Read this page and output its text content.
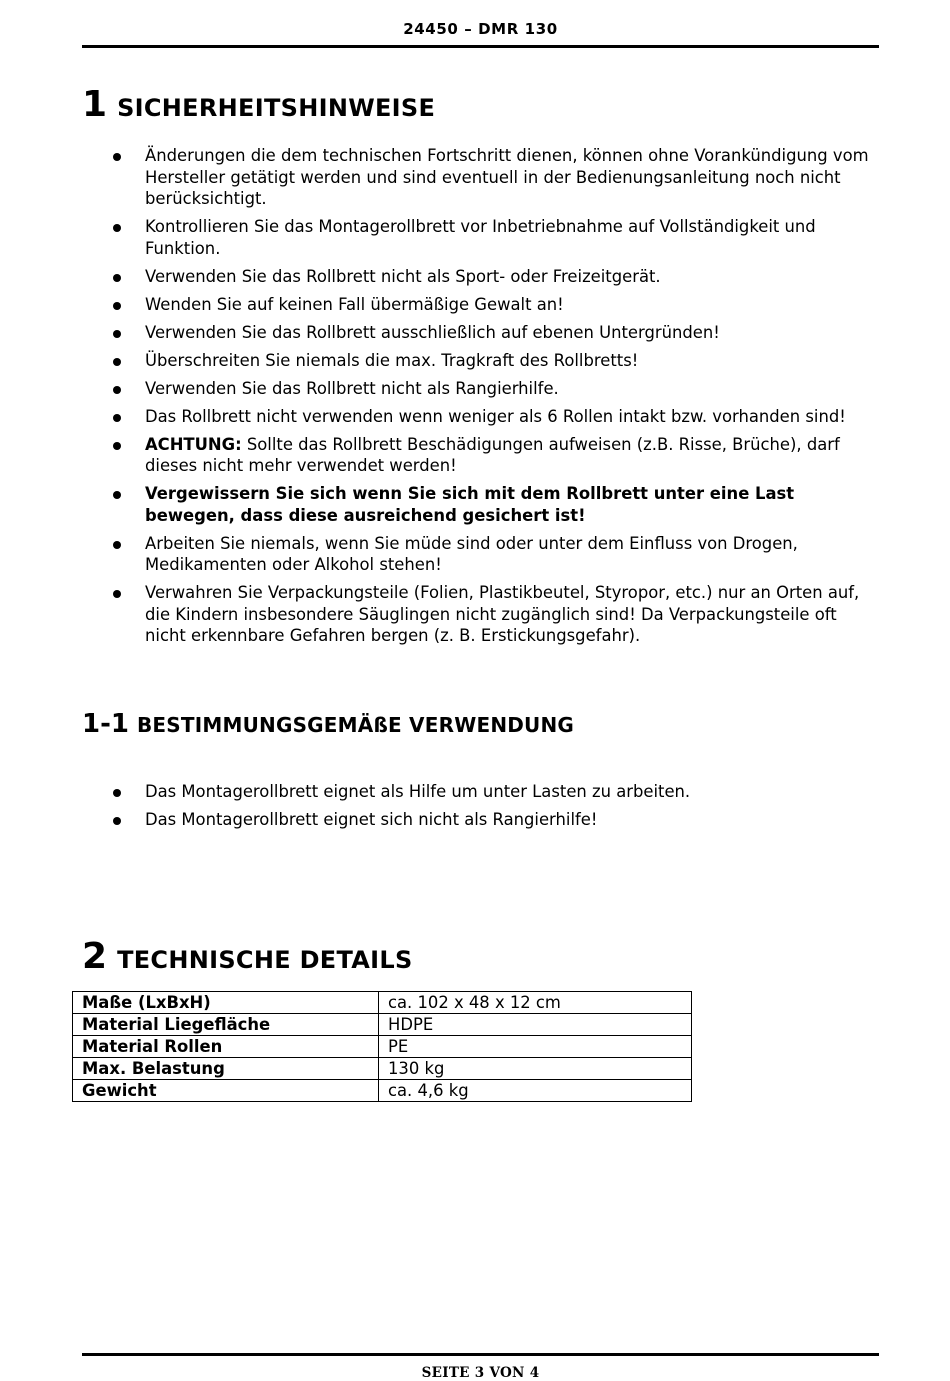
24450 – DMR 130
1 SICHERHEITSHINWEISE
Änderungen die dem technischen Fortschritt dienen, können ohne Vorankündigung vom Hersteller getätigt werden und sind eventuell in der Bedienungsanleitung noch nicht berücksichtigt.
Kontrollieren Sie das Montagerollbrett vor Inbetriebnahme auf Vollständigkeit und Funktion.
Verwenden Sie das Rollbrett nicht als Sport- oder Freizeitgerät.
Wenden Sie auf keinen Fall übermäßige Gewalt an!
Verwenden Sie das Rollbrett ausschließlich auf ebenen Untergründen!
Überschreiten Sie niemals die max. Tragkraft des Rollbretts!
Verwenden Sie das Rollbrett nicht als Rangierhilfe.
Das Rollbrett nicht verwenden wenn weniger als 6 Rollen intakt bzw. vorhanden sind!
ACHTUNG: Sollte das Rollbrett Beschädigungen aufweisen (z.B. Risse, Brüche), darf dieses nicht mehr verwendet werden!
Vergewissern Sie sich wenn Sie sich mit dem Rollbrett unter eine Last bewegen, dass diese ausreichend gesichert ist!
Arbeiten Sie niemals, wenn Sie müde sind oder unter dem Einfluss von Drogen, Medikamenten oder Alkohol stehen!
Verwahren Sie Verpackungsteile (Folien, Plastikbeutel, Styropor, etc.) nur an Orten auf, die Kindern insbesondere Säuglingen nicht zugänglich sind! Da Verpackungsteile oft nicht erkennbare Gefahren bergen (z. B. Erstickungsgefahr).
1-1 BESTIMMUNGSGEMÄßE VERWENDUNG
Das Montagerollbrett eignet als Hilfe um unter Lasten zu arbeiten.
Das Montagerollbrett eignet sich nicht als Rangierhilfe!
2 TECHNISCHE DETAILS
Maße (LxBxH)	ca. 102 x 48 x 12 cm
Material Liegefläche	HDPE
Material Rollen	PE
Max. Belastung	130 kg
Gewicht	ca. 4,6 kg
SEITE 3 VON 4
